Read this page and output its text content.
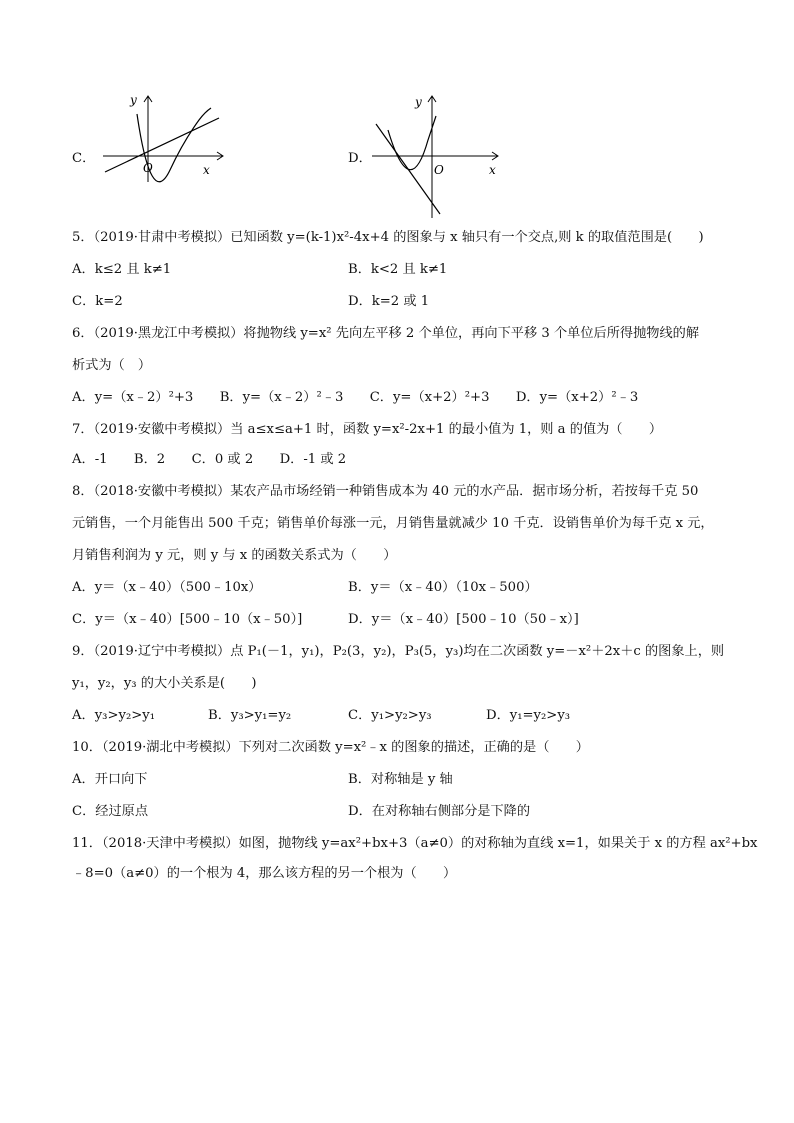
C．
y
x
O
D．
y
x
O
5．（2019·甘肃中考模拟）已知函数 y=(k-1)x²-4x+4 的图象与 x 轴只有一个交点,则 k 的取值范围是(　　)
A．k≤2 且 k≠1	B．k<2 且 k≠1
C．k=2	D．k=2 或 1
6．（2019·黑龙江中考模拟）将抛物线 y=x² 先向左平移 2 个单位，再向下平移 3 个单位后所得抛物线的解
析式为（　）
A．y=（x﹣2）²+3　　B．y=（x﹣2）²﹣3　　C．y=（x+2）²+3　　D．y=（x+2）²﹣3
7．（2019·安徽中考模拟）当 a≤x≤a+1 时，函数 y=x²-2x+1 的最小值为 1，则 a 的值为（　　）
A．-1　　B．2　　C．0 或 2　　D．-1 或 2
8．（2018·安徽中考模拟）某农产品市场经销一种销售成本为 40 元的水产品．据市场分析，若按每千克 50
元销售，一个月能售出 500 千克；销售单价每涨一元，月销售量就减少 10 千克．设销售单价为每千克 x 元，
月销售利润为 y 元，则 y 与 x 的函数关系式为（　　）
A．y＝（x﹣40）（500﹣10x）	B．y＝（x﹣40）（10x﹣500）
C．y＝（x﹣40）[500﹣10（x﹣50）]	D．y＝（x﹣40）[500﹣10（50﹣x）]
9．（2019·辽宁中考模拟）点 P₁(－1，y₁)，P₂(3，y₂)，P₃(5，y₃)均在二次函数 y=－x²＋2x＋c 的图象上，则
y₁，y₂，y₃ 的大小关系是(　　)
A．y₃>y₂>y₁	B．y₃>y₁=y₂	C．y₁>y₂>y₃	D．y₁=y₂>y₃
10．（2019·湖北中考模拟）下列对二次函数 y=x²﹣x 的图象的描述，正确的是（　　）
A．开口向下	B．对称轴是 y 轴
C．经过原点	D．在对称轴右侧部分是下降的
11．（2018·天津中考模拟）如图，抛物线 y=ax²+bx+3（a≠0）的对称轴为直线 x=1，如果关于 x 的方程 ax²+bx
﹣8=0（a≠0）的一个根为 4，那么该方程的另一个根为（　　）
